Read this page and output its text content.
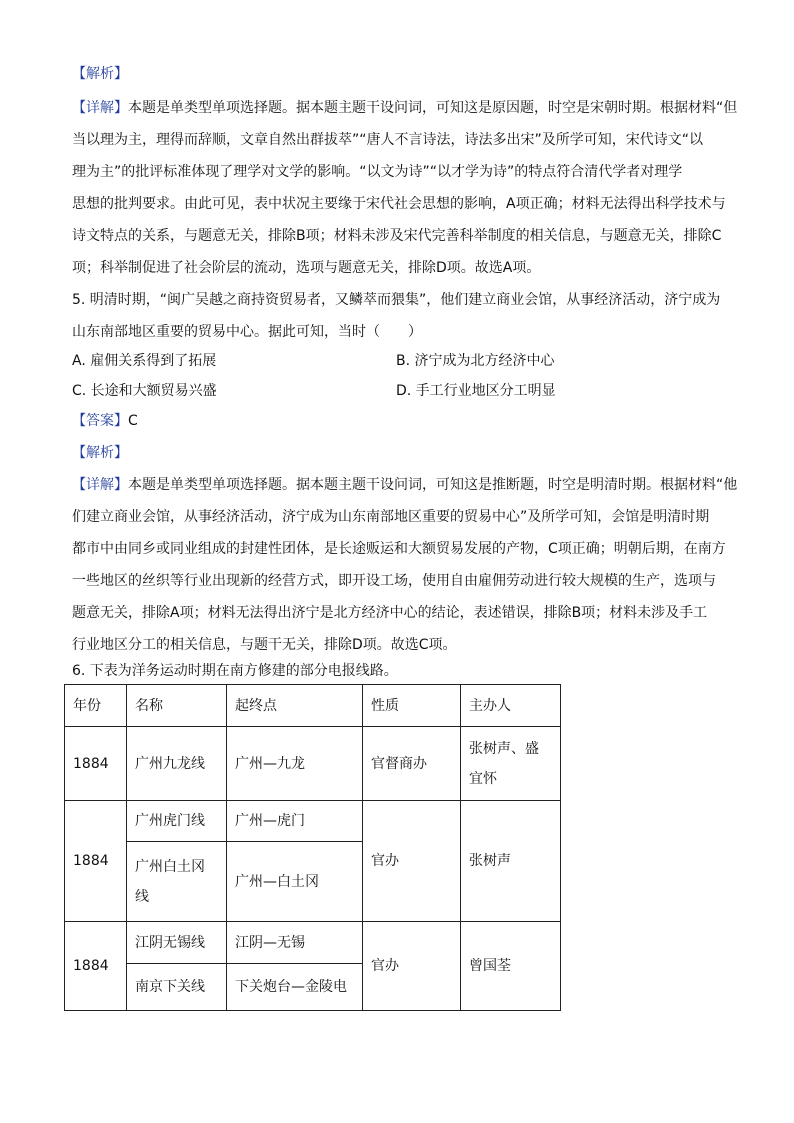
【解析】
【详解】本题是单类型单项选择题。据本题主题干设问词，可知这是原因题，时空是宋朝时期。根据材料“但
当以理为主，理得而辞顺，文章自然出群拔萃”“唐人不言诗法，诗法多出宋”及所学可知，宋代诗文“以
理为主”的批评标准体现了理学对文学的影响。“以文为诗”“以才学为诗”的特点符合清代学者对理学
思想的批判要求。由此可见，表中状况主要缘于宋代社会思想的影响，A项正确；材料无法得出科学技术与
诗文特点的关系，与题意无关，排除B项；材料未涉及宋代完善科举制度的相关信息，与题意无关，排除C
项；科举制促进了社会阶层的流动，选项与题意无关，排除D项。故选A项。
5. 明清时期，“闽广吴越之商持资贸易者，又鳞萃而猥集”，他们建立商业会馆，从事经济活动，济宁成为
山东南部地区重要的贸易中心。据此可知，当时（　　）
A. 雇佣关系得到了拓展	B. 济宁成为北方经济中心
C. 长途和大额贸易兴盛	D. 手工行业地区分工明显
【答案】C
【解析】
【详解】本题是单类型单项选择题。据本题主题干设问词，可知这是推断题，时空是明清时期。根据材料“他
们建立商业会馆，从事经济活动，济宁成为山东南部地区重要的贸易中心”及所学可知，会馆是明清时期
都市中由同乡或同业组成的封建性团体，是长途贩运和大额贸易发展的产物，C项正确；明朝后期，在南方
一些地区的丝织等行业出现新的经营方式，即开设工场，使用自由雇佣劳动进行较大规模的生产，选项与
题意无关，排除A项；材料无法得出济宁是北方经济中心的结论，表述错误，排除B项；材料未涉及手工
行业地区分工的相关信息，与题干无关，排除D项。故选C项。
6. 下表为洋务运动时期在南方修建的部分电报线路。
年份	名称	起终点	性质	主办人
1884	广州九龙线	广州—九龙	官督商办	张树声、盛宜怀
1884	广州虎门线	广州—虎门	官办	张树声
	广州白土冈线	广州—白土冈		
1884	江阴无锡线	江阴—无锡	官办	曾国荃
	南京下关线	下关炮台—金陵电		
